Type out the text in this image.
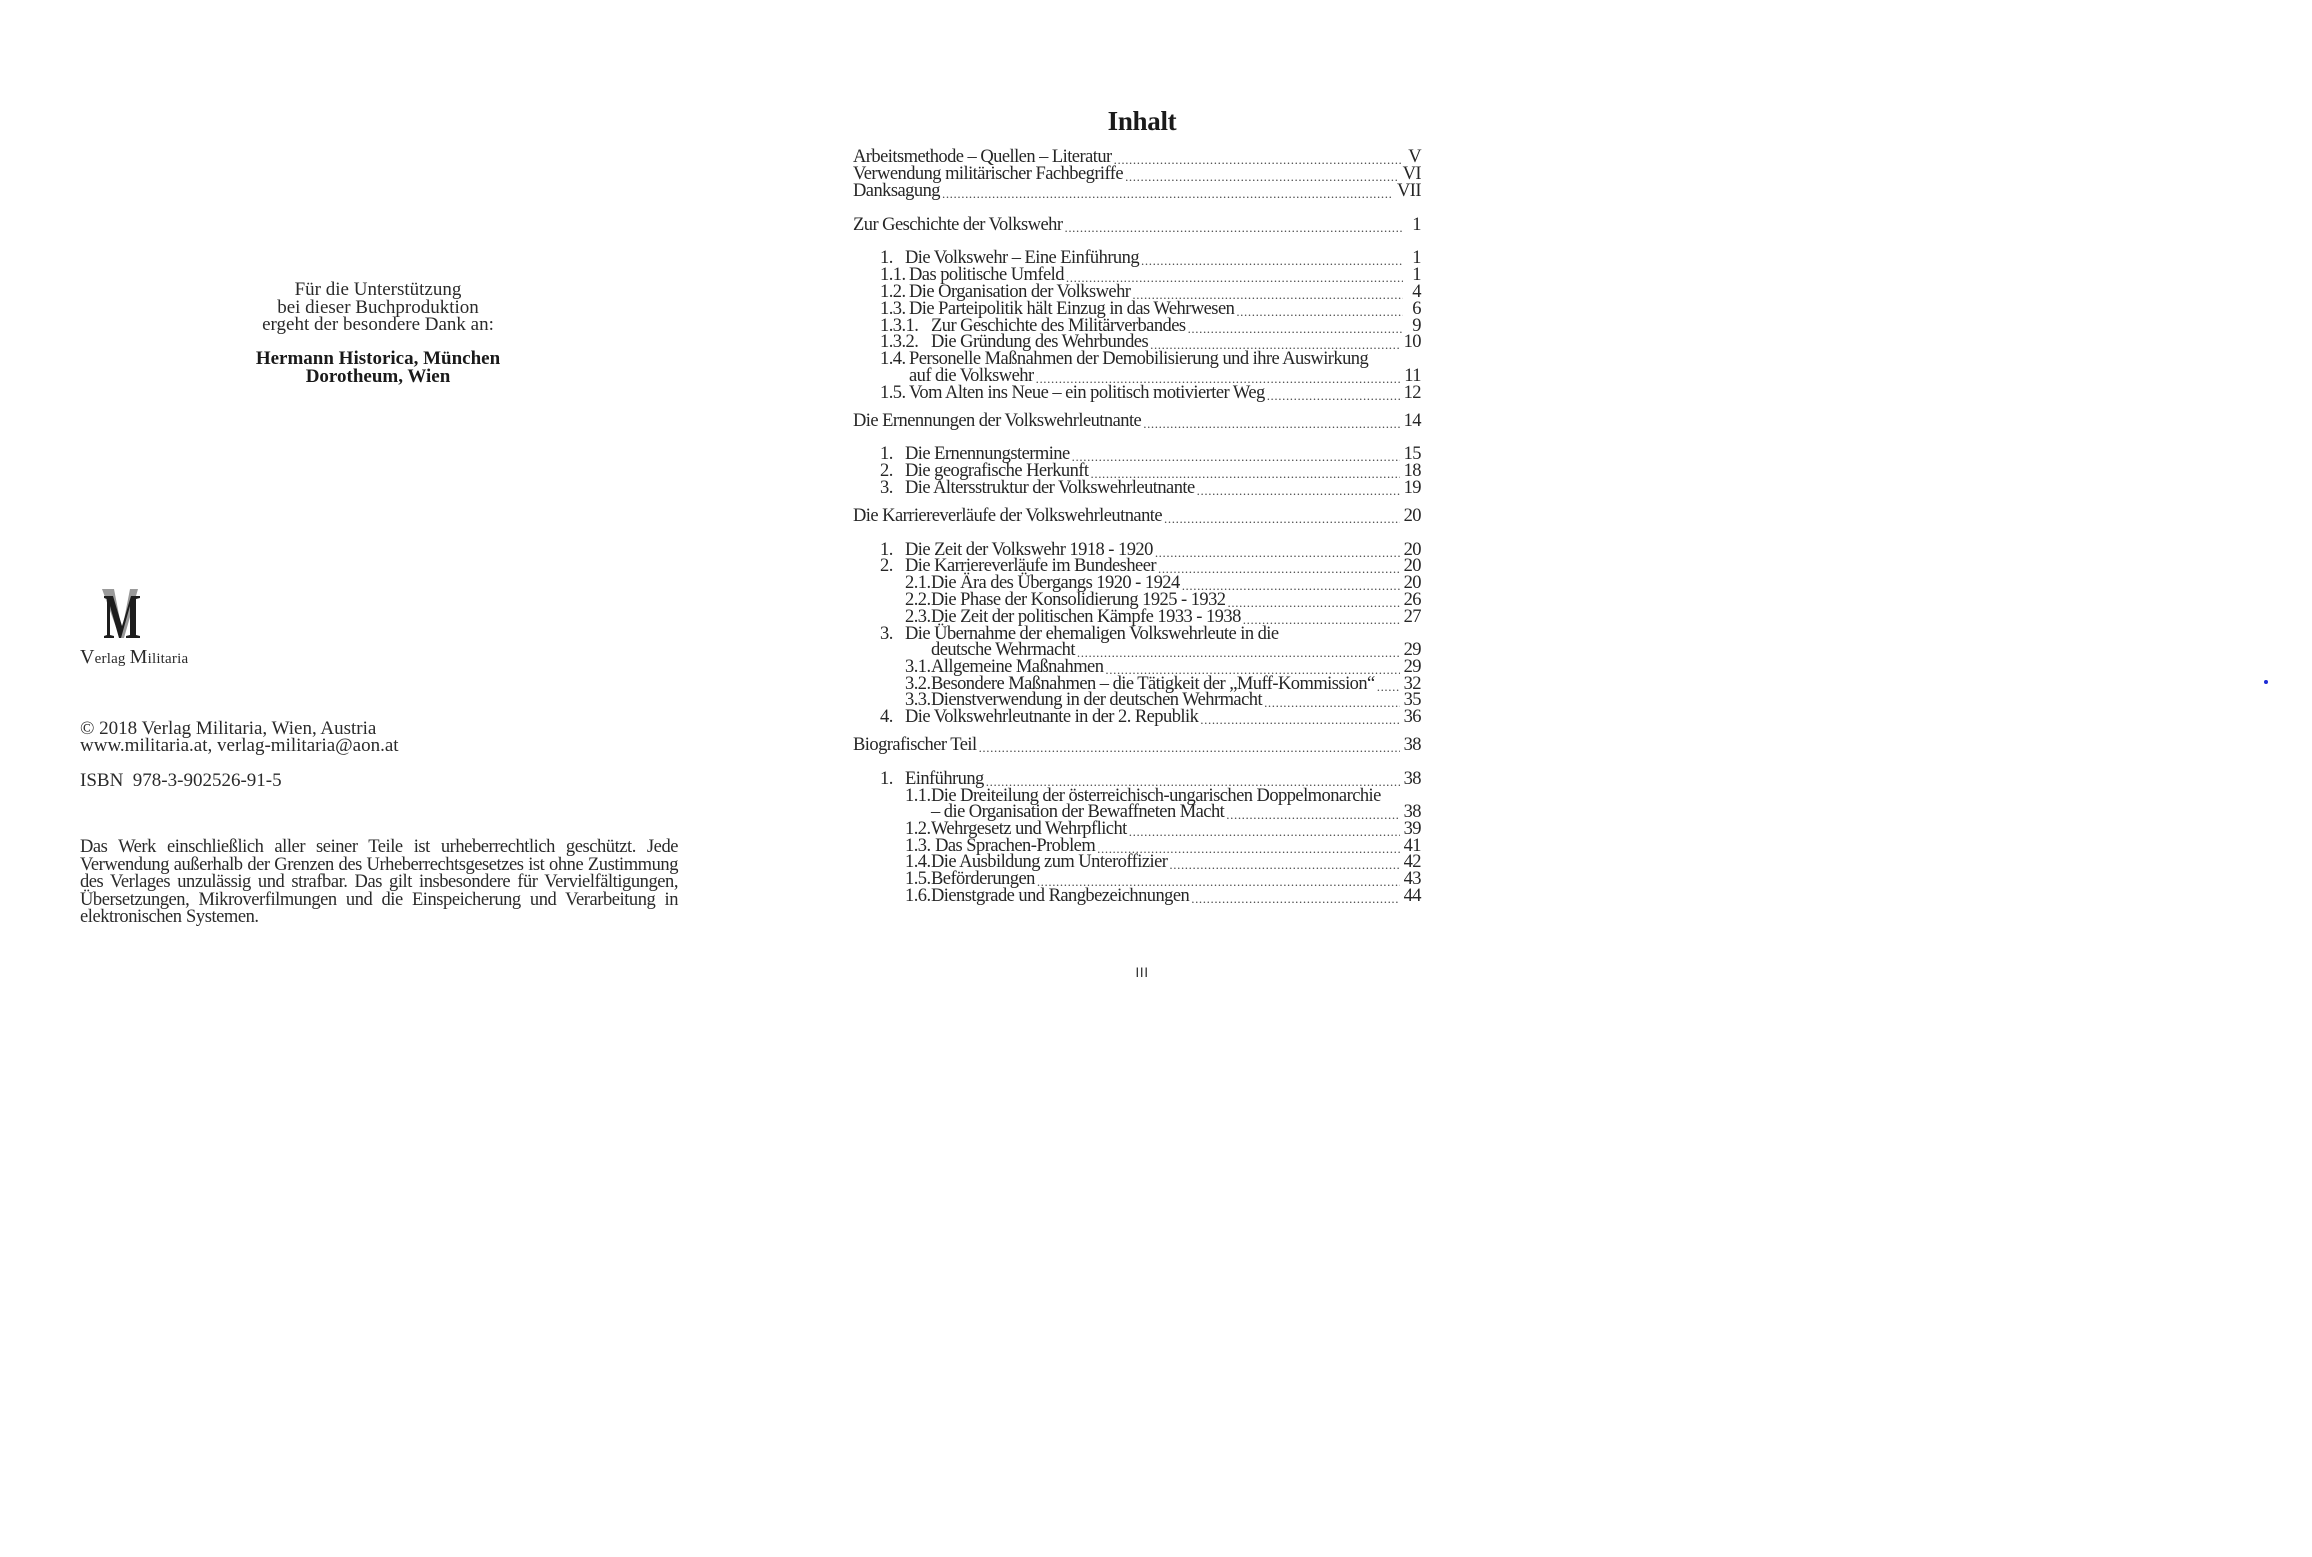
Für die Unterstützung
bei dieser Buchproduktion
ergeht der besondere Dank an:
Hermann Historica, München
Dorotheum, Wien
Verlag Militaria
© 2018 Verlag Militaria, Wien, Austria
www.militaria.at, verlag-militaria@aon.at
ISBN  978-3-902526-91-5
Das Werk einschließlich aller seiner Teile ist urheberrechtlich geschützt. Jede Verwendung außerhalb der Grenzen des Urheberrechtsgesetzes ist ohne Zustimmung des Verlages unzulässig und strafbar. Das gilt insbesondere für Vervielfältigungen, Übersetzungen, Mikroverfilmungen und die Einspeicherung und Verarbeitung in elektronischen Systemen.
Inhalt
Arbeitsmethode – Quellen – Literatur .....	V
Verwendung militärischer Fachbegriffe .....	VI
Danksagung .....	VII
Zur Geschichte der Volkswehr .....	1
1. Die Volkswehr – Eine Einführung .....	1
1.1. Das politische Umfeld .....	1
1.2. Die Organisation der Volkswehr .....	4
1.3. Die Parteipolitik hält Einzug in das Wehrwesen .....	6
1.3.1. Zur Geschichte des Militärverbandes .....	9
1.3.2. Die Gründung des Wehrbundes .....	10
1.4. Personelle Maßnahmen der Demobilisierung und ihre Auswirkung
auf die Volkswehr .....	11
1.5. Vom Alten ins Neue – ein politisch motivierter Weg .....	12
Die Ernennungen der Volkswehrleutnante .....	14
1. Die Ernennungstermine .....	15
2. Die geografische Herkunft .....	18
3. Die Altersstruktur der Volkswehrleutnante .....	19
Die Karriereverläufe der Volkswehrleutnante .....	20
1. Die Zeit der Volkswehr 1918 - 1920 .....	20
2. Die Karriereverläufe im Bundesheer .....	20
2.1. Die Ära des Übergangs 1920 - 1924 .....	20
2.2. Die Phase der Konsolidierung 1925 - 1932 .....	26
2.3. Die Zeit der politischen Kämpfe 1933 - 1938 .....	27
3. Die Übernahme der ehemaligen Volkswehrleute in die
deutsche Wehrmacht .....	29
3.1. Allgemeine Maßnahmen .....	29
3.2. Besondere Maßnahmen – die Tätigkeit der „Muff-Kommission“ ..... 32
3.3. Dienstverwendung in der deutschen Wehrmacht .....	35
4. Die Volkswehrleutnante in der 2. Republik .....	36
Biografischer Teil .....	38
1. Einführung .....	38
1.1. Die Dreiteilung der österreichisch-ungarischen Doppelmonarchie
– die Organisation der Bewaffneten Macht .....	38
1.2. Wehrgesetz und Wehrpflicht .....	39
1.3. Das Sprachen-Problem .....	41
1.4. Die Ausbildung zum Unteroffizier .....	42
1.5. Beförderungen .....	43
1.6. Dienstgrade und Rangbezeichnungen .....	44
III
